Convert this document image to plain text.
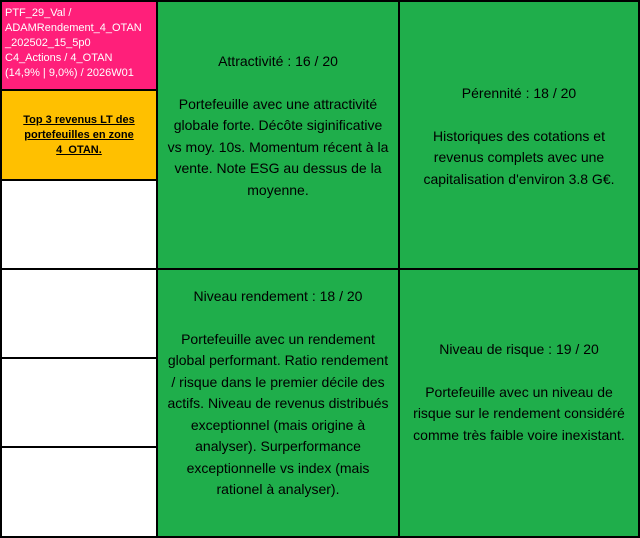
PTF_29_Val /
ADAMRendement_4_OTAN
_202502_15_5p0
C4_Actions / 4_OTAN
(14,9% | 9,0%) / 2026W01
Top 3 revenus LT des portefeuilles en zone 4_OTAN.

Attractivité : 16 / 20

Portefeuille avec une attractivité globale forte. Décôte siginificative vs moy. 10s. Momentum récent à la vente. Note ESG au dessus de la moyenne.

Pérennité : 18 / 20

Historiques des cotations et revenus complets avec une capitalisation d'environ 3.8 G€.

Niveau rendement : 18 / 20

Portefeuille avec un rendement global performant. Ratio rendement / risque dans le premier décile des actifs. Niveau de revenus distribués exceptionnel (mais origine à analyser). Surperformance exceptionnelle vs index (mais rationel à analyser).

Niveau de risque : 19 / 20

Portefeuille avec un niveau de risque sur le rendement considéré comme très faible voire inexistant.
